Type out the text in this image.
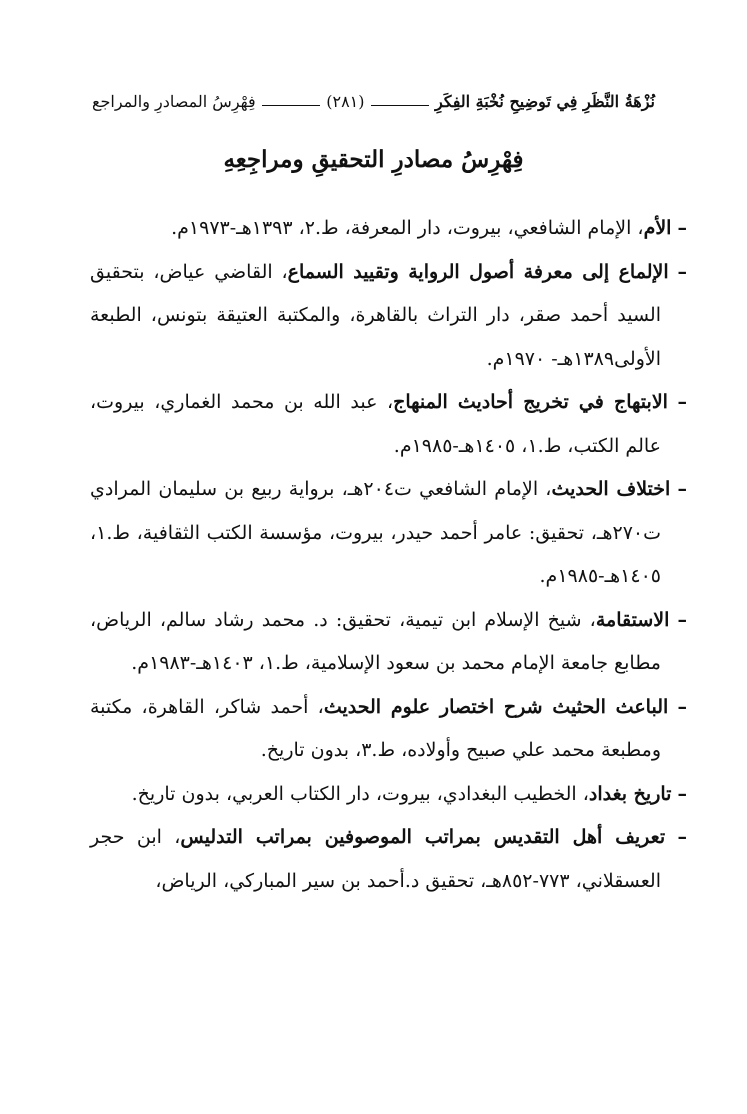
نُزْهَةُ النَّظَرِ فِي تَوضِيحِ نُخْبَةِ الفِكَرِ
(٢٨١)
فِهْرِسُ المصادرِ والمراجع
فِهْرِسُ مصادرِ التحقيقِ ومراجِعِهِ

– الأم، الإمام الشافعي، بيروت، دار المعرفة، ط.٢، ١٣٩٣هـ-١٩٧٣م.

– الإلماع إلى معرفة أصول الرواية وتقييد السماع، القاضي عياض، بتحقيق السيد أحمد صقر، دار التراث بالقاهرة، والمكتبة العتيقة بتونس، الطبعة الأولى١٣٨٩هـ- ١٩٧٠م.

– الابتهاج في تخريج أحاديث المنهاج، عبد الله بن محمد الغماري، بيروت، عالم الكتب، ط.١، ١٤٠٥هـ-١٩٨٥م.

– اختلاف الحديث، الإمام الشافعي ت٢٠٤هـ، برواية ربيع بن سليمان المرادي ت٢٧٠هـ، تحقيق: عامر أحمد حيدر، بيروت، مؤسسة الكتب الثقافية، ط.١، ١٤٠٥هـ-١٩٨٥م.

– الاستقامة، شيخ الإسلام ابن تيمية، تحقيق: د. محمد رشاد سالم، الرياض، مطابع جامعة الإمام محمد بن سعود الإسلامية، ط.١، ١٤٠٣هـ-١٩٨٣م.

– الباعث الحثيث شرح اختصار علوم الحديث، أحمد شاكر، القاهرة، مكتبة ومطبعة محمد علي صبيح وأولاده، ط.٣، بدون تاريخ.

– تاريخ بغداد، الخطيب البغدادي، بيروت، دار الكتاب العربي، بدون تاريخ.

– تعريف أهل التقديس بمراتب الموصوفين بمراتب التدليس، ابن حجر العسقلاني، ٧٧٣-٨٥٢هـ، تحقيق د.أحمد بن سير المباركي، الرياض،
